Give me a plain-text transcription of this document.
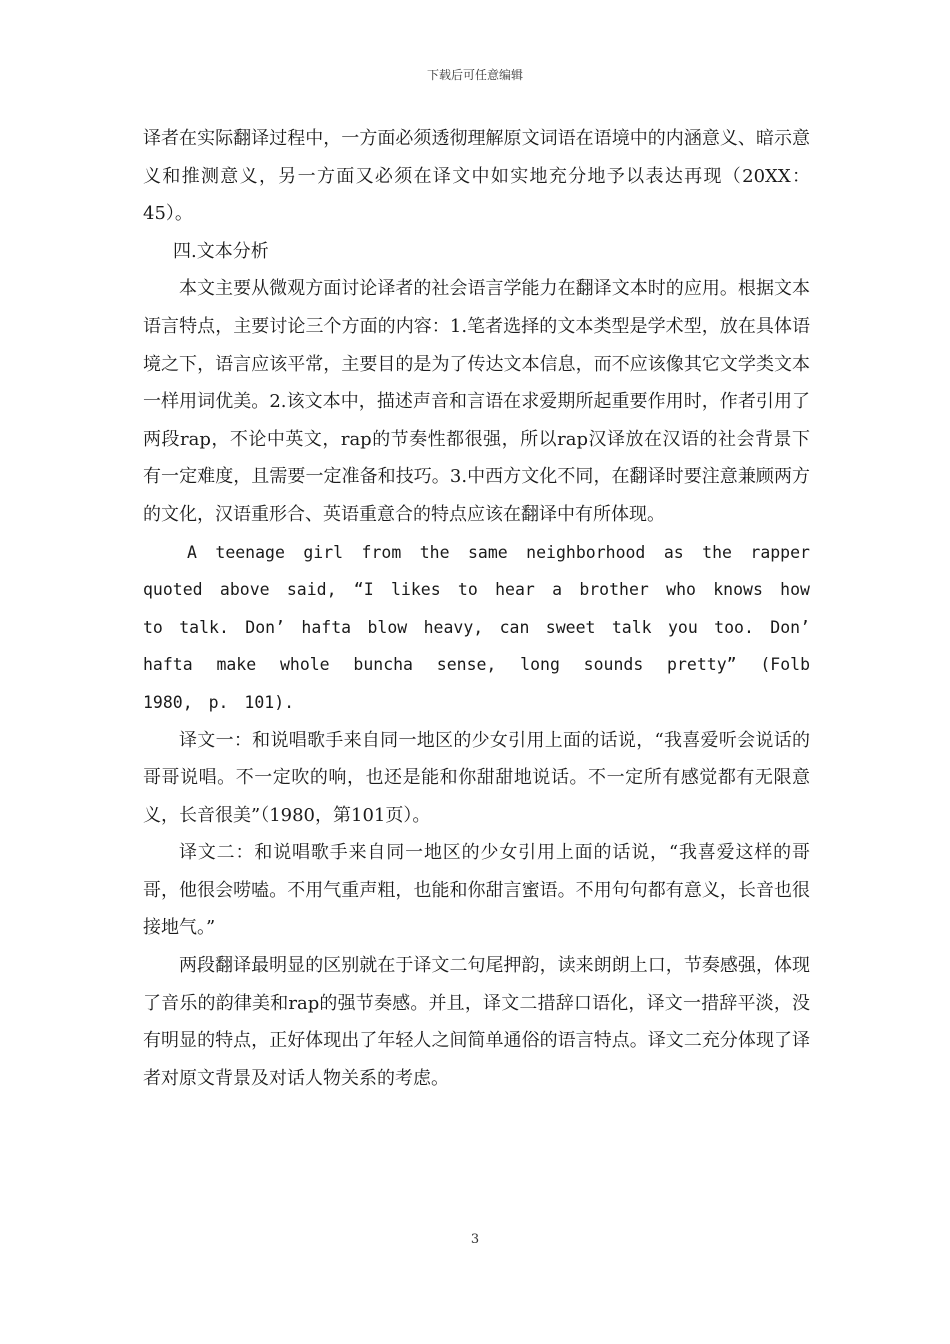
下载后可任意编辑

译者在实际翻译过程中，一方面必须透彻理解原文词语在语境中的内涵意义、暗示意义和推测意义，另一方面又必须在译文中如实地充分地予以表达再现（20XX：45）。

四.文本分析

本文主要从微观方面讨论译者的社会语言学能力在翻译文本时的应用。根据文本语言特点，主要讨论三个方面的内容：1.笔者选择的文本类型是学术型，放在具体语境之下，语言应该平常，主要目的是为了传达文本信息，而不应该像其它文学类文本一样用词优美。2.该文本中，描述声音和言语在求爱期所起重要作用时，作者引用了两段rap，不论中英文，rap的节奏性都很强，所以rap汉译放在汉语的社会背景下有一定难度，且需要一定准备和技巧。3.中西方文化不同，在翻译时要注意兼顾两方的文化，汉语重形合、英语重意合的特点应该在翻译中有所体现。

A teenage girl from the same neighborhood as the rapper quoted above said, “I likes to hear a brother who knows how to talk. Don’ hafta blow heavy, can sweet talk you too. Don’ hafta make whole buncha sense, long sounds pretty” (Folb 1980, p. 101).

译文一：和说唱歌手来自同一地区的少女引用上面的话说，“我喜爱听会说话的哥哥说唱。不一定吹的响，也还是能和你甜甜地说话。不一定所有感觉都有无限意义，长音很美”（1980，第101页）。

译文二：和说唱歌手来自同一地区的少女引用上面的话说，“我喜爱这样的哥哥，他很会唠嗑。不用气重声粗，也能和你甜言蜜语。不用句句都有意义，长音也很接地气。”

两段翻译最明显的区别就在于译文二句尾押韵，读来朗朗上口，节奏感强，体现了音乐的韵律美和rap的强节奏感。并且，译文二措辞口语化，译文一措辞平淡，没有明显的特点，正好体现出了年轻人之间简单通俗的语言特点。译文二充分体现了译者对原文背景及对话人物关系的考虑。

3
